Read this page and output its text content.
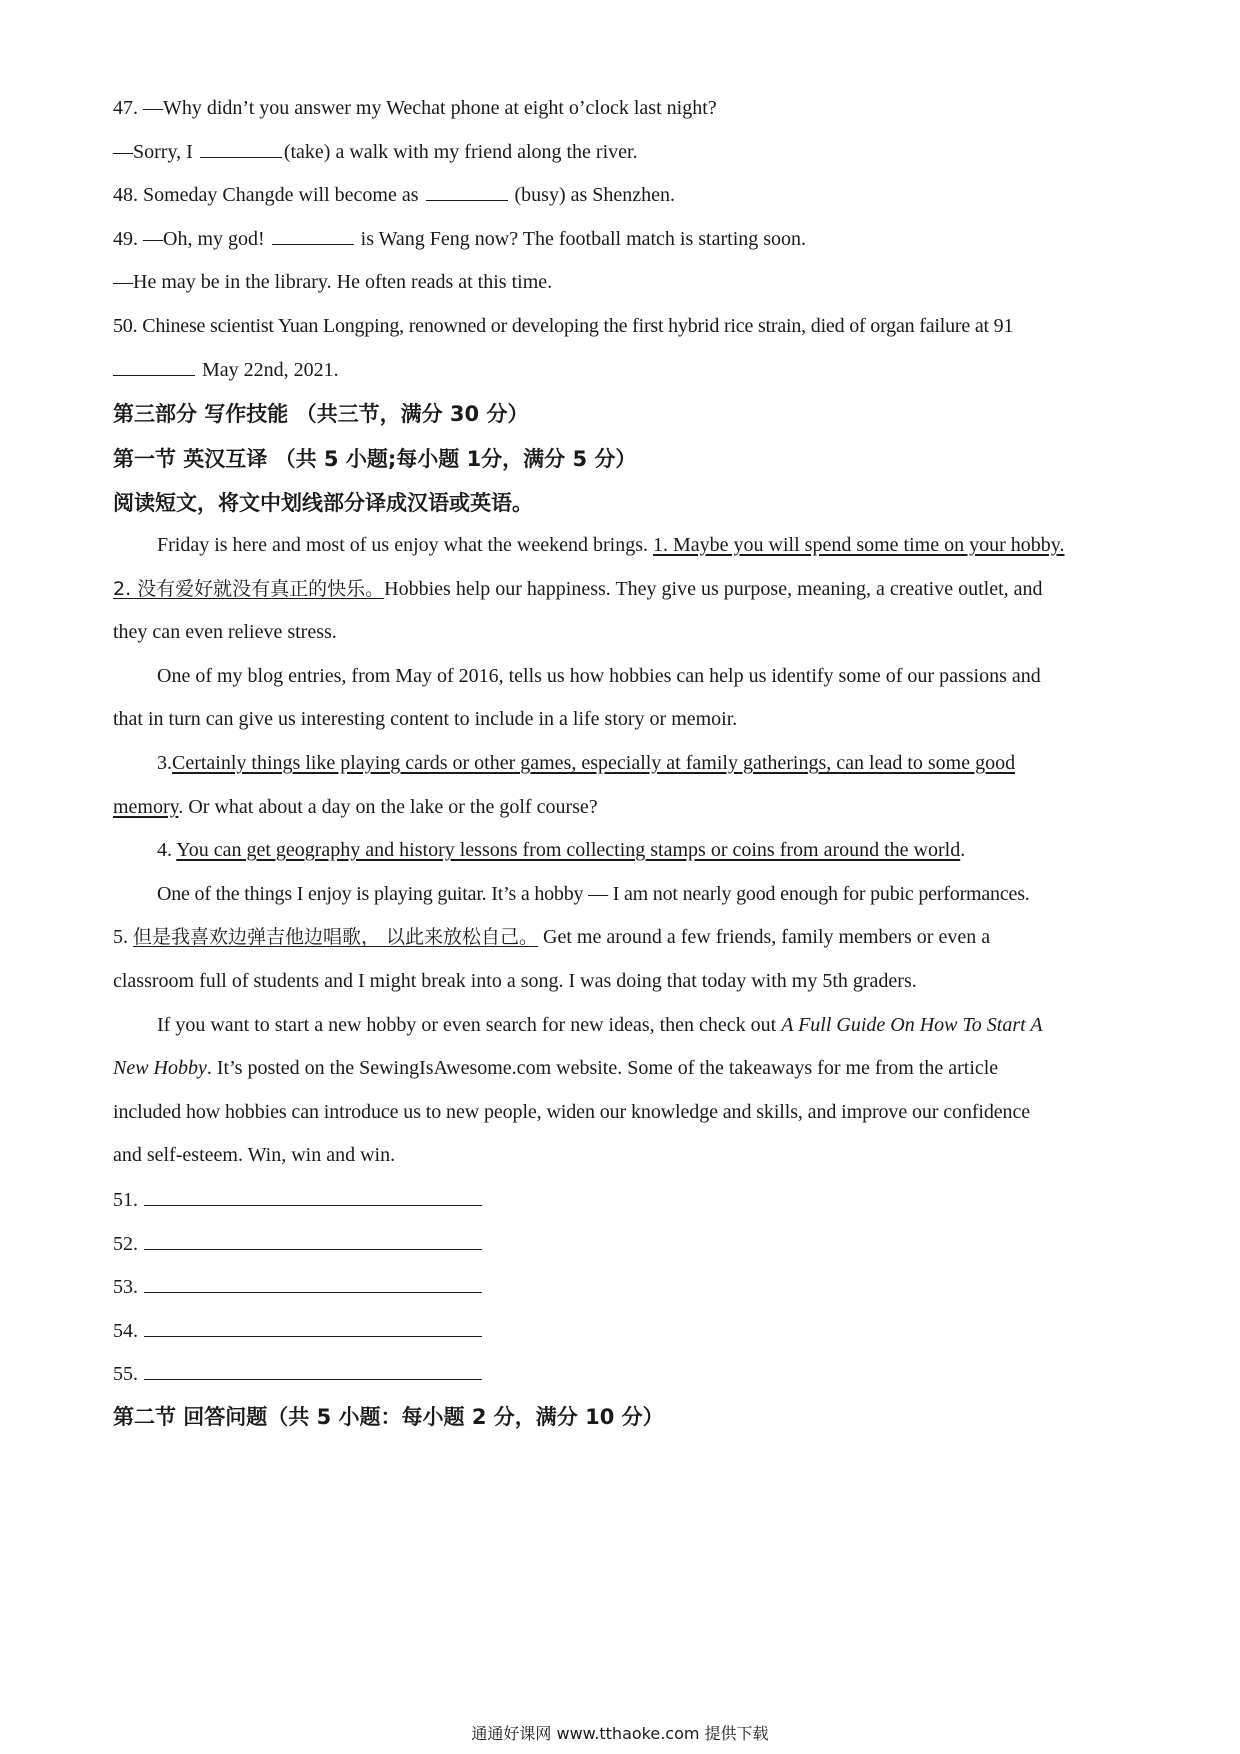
47. —Why didn’t you answer my Wechat phone at eight o’clock last night?
—Sorry, I	(take) a walk with my friend along the river.
48. Someday Changde will become as	(busy) as Shenzhen.
49. —Oh, my god!	is Wang Feng now? The football match is starting soon.
—He may be in the library. He often reads at this time.
50. Chinese scientist Yuan Longping, renowned or developing the first hybrid rice strain, died of organ failure at 91
May 22nd, 2021.
第三部分 写作技能 （共三节，满分 30 分）
第一节 英汉互译 （共 5 小题;每小题 1分，满分 5 分）
阅读短文，将文中划线部分译成汉语或英语。
Friday is here and most of us enjoy what the weekend brings. 1. Maybe you will spend some time on your hobby.
2. 没有爱好就没有真正的快乐。Hobbies help our happiness. They give us purpose, meaning, a creative outlet, and
they can even relieve stress.
One of my blog entries, from May of 2016, tells us how hobbies can help us identify some of our passions and
that in turn can give us interesting content to include in a life story or memoir.
3.Certainly things like playing cards or other games, especially at family gatherings, can lead to some good
memory. Or what about a day on the lake or the golf course?
4. You can get geography and history lessons from collecting stamps or coins from around the world.
One of the things I enjoy is playing guitar. It’s a hobby — I am not nearly good enough for pubic performances.
5. 但是我喜欢边弹吉他边唱歌， 以此来放松自己。 Get me around a few friends, family members or even a
classroom full of students and I might break into a song. I was doing that today with my 5th graders.
If you want to start a new hobby or even search for new ideas, then check out A Full Guide On How To Start A
New Hobby. It’s posted on the SewingIsAwesome.com website. Some of the takeaways for me from the article
included how hobbies can introduce us to new people, widen our knowledge and skills, and improve our confidence
and self-esteem. Win, win and win.
51.
52.
53.
54.
55.
第二节 回答问题（共 5 小题：每小题 2 分，满分 10 分）
通通好课网 www.tthaoke.com 提供下载
